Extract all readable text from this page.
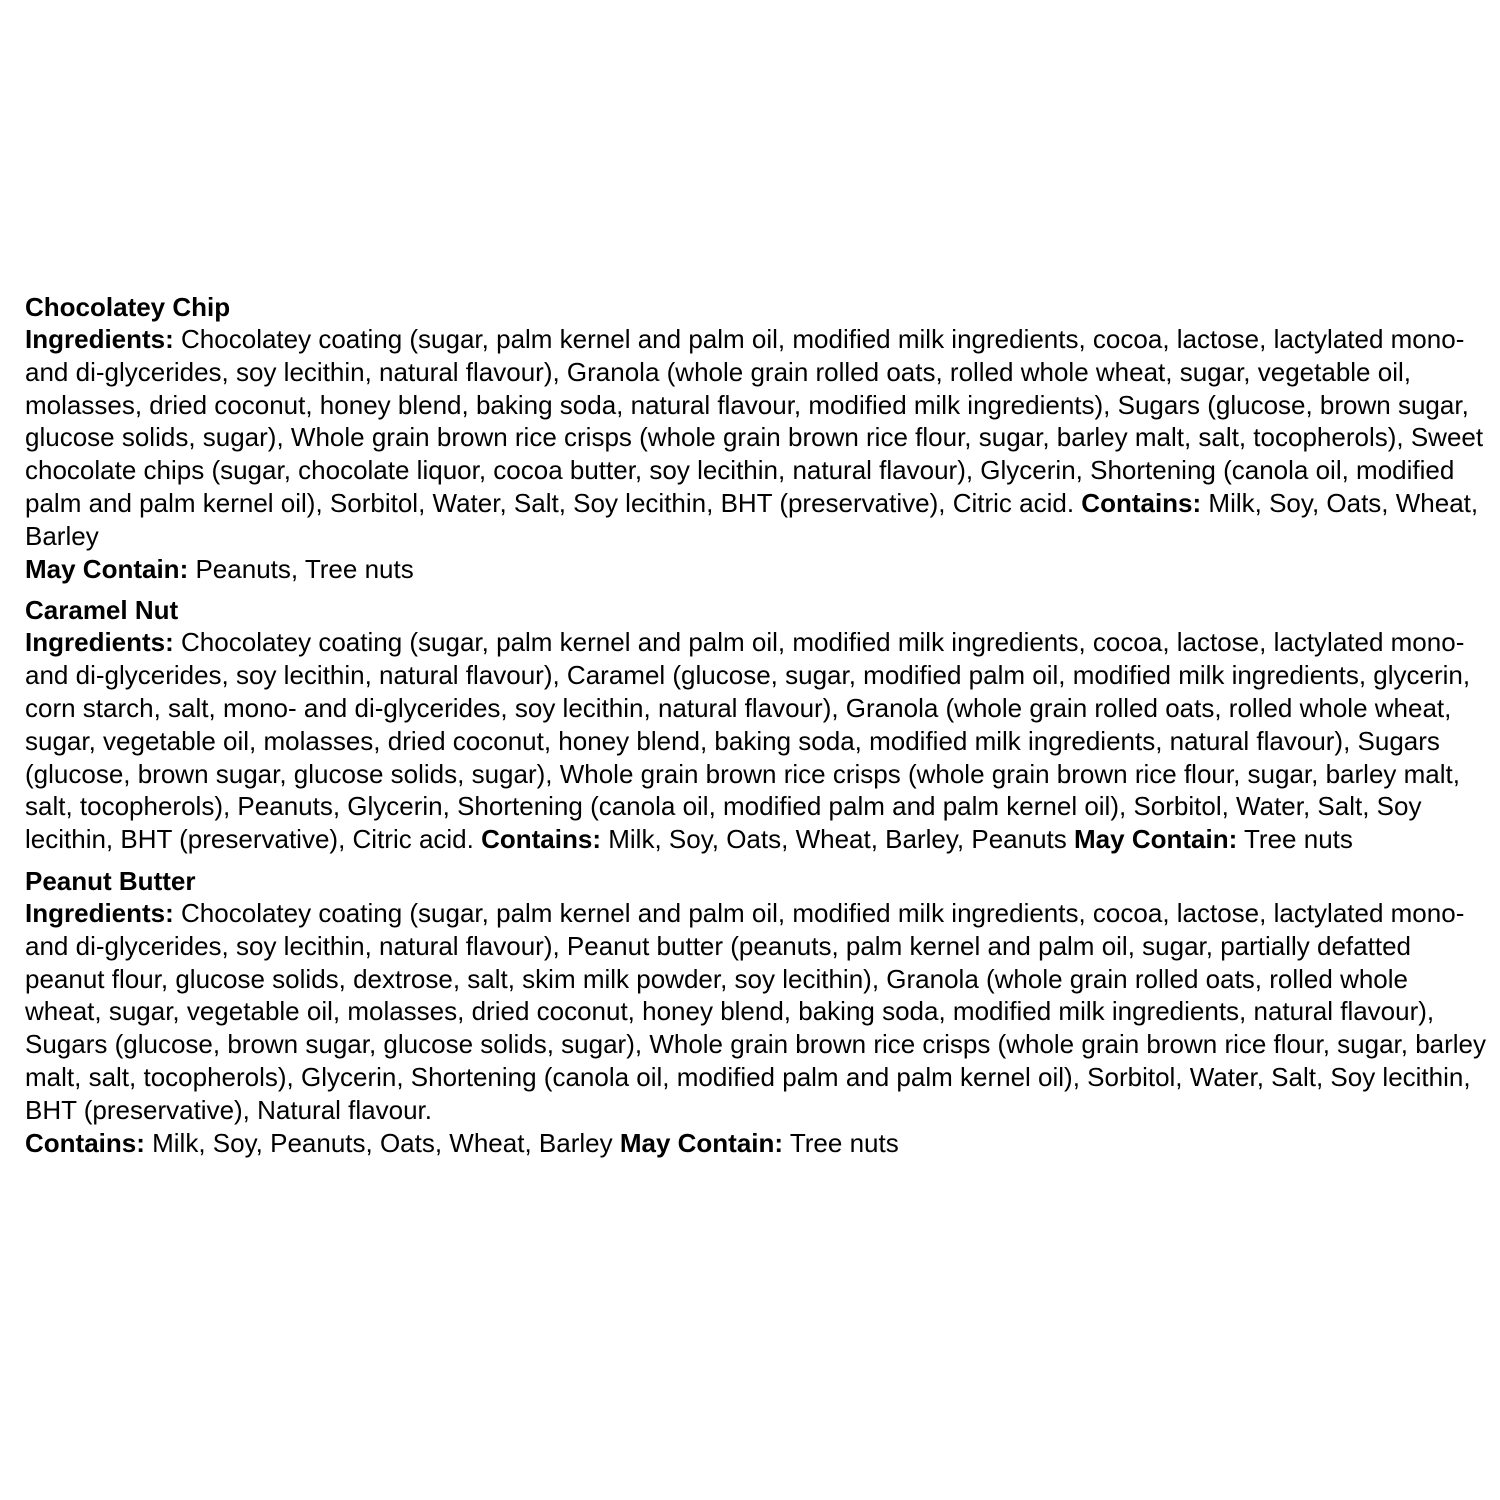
Chocolatey Chip

Ingredients: Chocolatey coating (sugar, palm kernel and palm oil, modified milk ingredients, cocoa, lactose, lactylated mono- and di-glycerides, soy lecithin, natural flavour), Granola (whole grain rolled oats, rolled whole wheat, sugar, vegetable oil, molasses, dried coconut, honey blend, baking soda, natural flavour, modified milk ingredients), Sugars (glucose, brown sugar, glucose solids, sugar), Whole grain brown rice crisps (whole grain brown rice flour, sugar, barley malt, salt, tocopherols), Sweet chocolate chips (sugar, chocolate liquor, cocoa butter, soy lecithin, natural flavour), Glycerin, Shortening (canola oil, modified palm and palm kernel oil), Sorbitol, Water, Salt, Soy lecithin, BHT (preservative), Citric acid. Contains: Milk, Soy, Oats, Wheat, Barley
May Contain: Peanuts, Tree nuts

Caramel Nut

Ingredients: Chocolatey coating (sugar, palm kernel and palm oil, modified milk ingredients, cocoa, lactose, lactylated mono- and di-glycerides, soy lecithin, natural flavour), Caramel (glucose, sugar, modified palm oil, modified milk ingredients, glycerin, corn starch, salt, mono- and di-glycerides, soy lecithin, natural flavour), Granola (whole grain rolled oats, rolled whole wheat, sugar, vegetable oil, molasses, dried coconut, honey blend, baking soda, modified milk ingredients, natural flavour), Sugars (glucose, brown sugar, glucose solids, sugar), Whole grain brown rice crisps (whole grain brown rice flour, sugar, barley malt, salt, tocopherols), Peanuts, Glycerin, Shortening (canola oil, modified palm and palm kernel oil), Sorbitol, Water, Salt, Soy lecithin, BHT (preservative), Citric acid. Contains: Milk, Soy, Oats, Wheat, Barley, Peanuts May Contain: Tree nuts

Peanut Butter

Ingredients: Chocolatey coating (sugar, palm kernel and palm oil, modified milk ingredients, cocoa, lactose, lactylated mono- and di-glycerides, soy lecithin, natural flavour), Peanut butter (peanuts, palm kernel and palm oil, sugar, partially defatted peanut flour, glucose solids, dextrose, salt, skim milk powder, soy lecithin), Granola (whole grain rolled oats, rolled whole wheat, sugar, vegetable oil, molasses, dried coconut, honey blend, baking soda, modified milk ingredients, natural flavour), Sugars (glucose, brown sugar, glucose solids, sugar), Whole grain brown rice crisps (whole grain brown rice flour, sugar, barley malt, salt, tocopherols), Glycerin, Shortening (canola oil, modified palm and palm kernel oil), Sorbitol, Water, Salt, Soy lecithin, BHT (preservative), Natural flavour.
Contains: Milk, Soy, Peanuts, Oats, Wheat, Barley May Contain: Tree nuts
